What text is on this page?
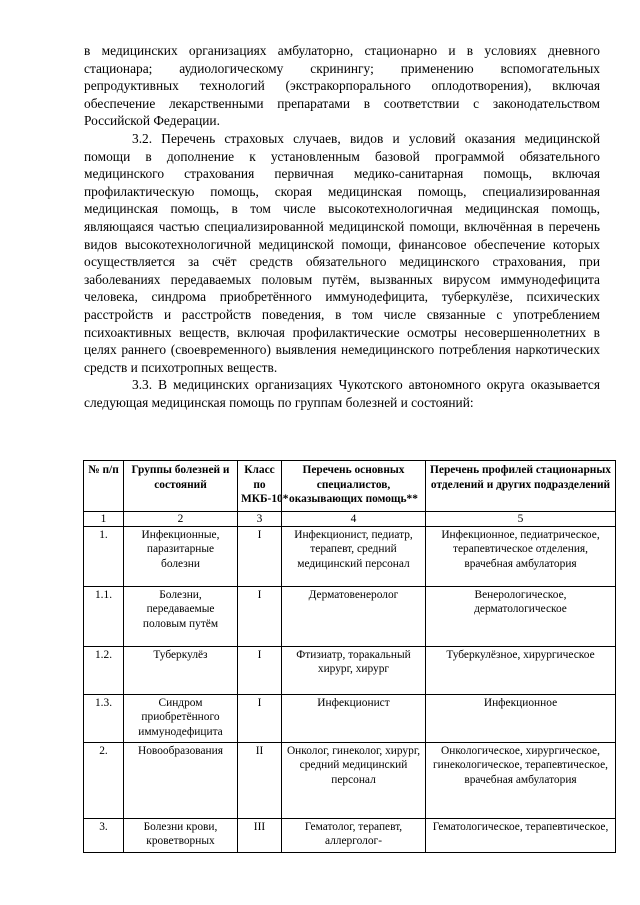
в медицинских организациях амбулаторно, стационарно и в условиях дневного стационара; аудиологическому скринингу; применению вспомогательных репродуктивных технологий (экстракорпорального оплодотворения), включая обеспечение лекарственными препаратами в соответствии с законодательством Российской Федерации.

3.2. Перечень страховых случаев, видов и условий оказания медицинской помощи в дополнение к установленным базовой программой обязательного медицинского страхования первичная медико-санитарная помощь, включая профилактическую помощь, скорая медицинская помощь, специализированная медицинская помощь, в том числе высокотехнологичная медицинская помощь, являющаяся частью специализированной медицинской помощи, включённая в перечень видов высокотехнологичной медицинской помощи, финансовое обеспечение которых осуществляется за счёт средств обязательного медицинского страхования, при заболеваниях передаваемых половым путём, вызванных вирусом иммунодефицита человека, синдрома приобретённого иммунодефицита, туберкулёзе, психических расстройств и расстройств поведения, в том числе связанные с употреблением психоактивных веществ, включая профилактические осмотры несовершеннолетних в целях раннего (своевременного) выявления немедицинского потребления наркотических средств и психотропных веществ.

3.3. В медицинских организациях Чукотского автономного округа оказывается следующая медицинская помощь по группам болезней и состояний:

№ п/п	Группы болезней и состояний	Класс по МКБ-10*	Перечень основных специалистов, оказывающих помощь**	Перечень профилей стационарных отделений и других подразделений
1	2	3	4	5
1.	Инфекционные, паразитарные болезни	I	Инфекционист, педиатр, терапевт, средний медицинский персонал	Инфекционное, педиатрическое, терапевтическое отделения, врачебная амбулатория
1.1.	Болезни, передаваемые половым путём	I	Дерматовенеролог	Венерологическое, дерматологическое
1.2.	Туберкулёз	I	Фтизиатр, торакальный хирург, хирург	Туберкулёзное, хирургическое
1.3.	Синдром приобретённого иммунодефицита	I	Инфекционист	Инфекционное
2.	Новообразования	II	Онколог, гинеколог, хирург, средний медицинский персонал	Онкологическое, хирургическое, гинекологическое, терапевтическое, врачебная амбулатория
3.	Болезни крови, кроветворных	III	Гематолог, терапевт, аллерголог-	Гематологическое, терапевтическое,
